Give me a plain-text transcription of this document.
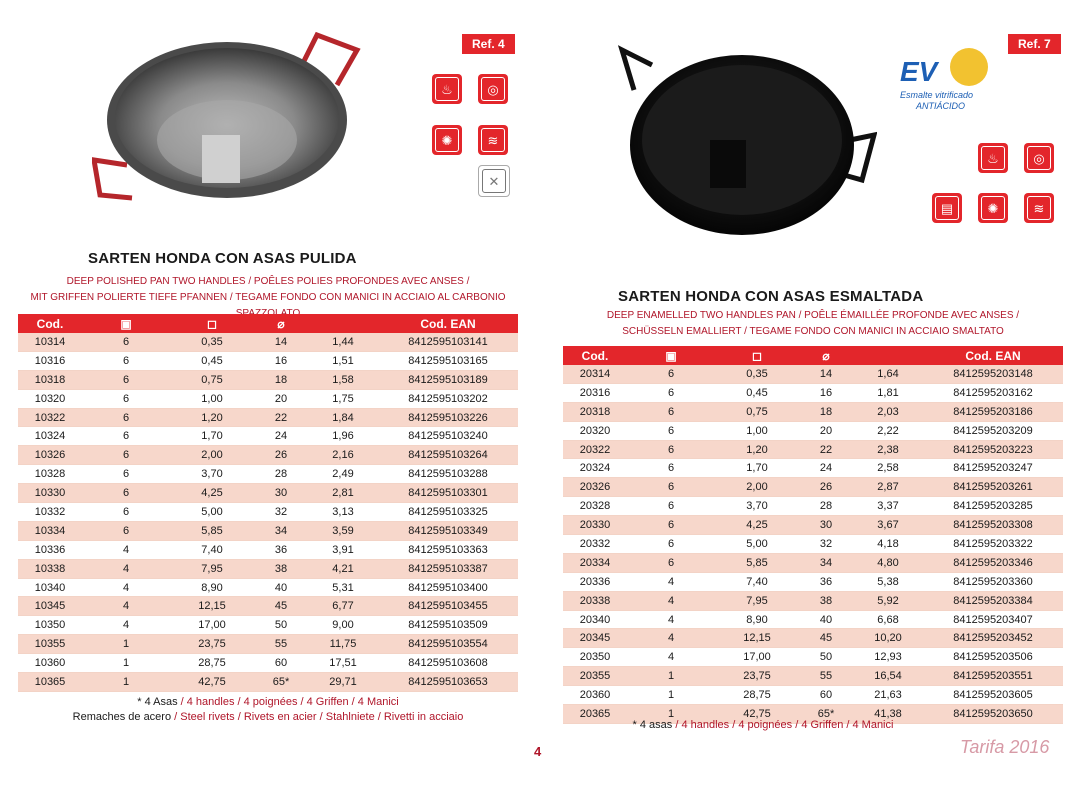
Ref. 4
♨	◎
✺	≋
✕
SARTEN HONDA CON ASAS PULIDA
DEEP POLISHED PAN TWO HANDLES / POÊLES POLIES PROFONDES AVEC ANSES /
MIT GRIFFEN POLIERTE TIEFE PFANNEN / TEGAME FONDO CON MANICI IN ACCIAIO AL CARBONIO
Cod.	▣	◻	⌀		Cod. EAN
10314	6	0,35	14	1,44	8412595103141
10316	6	0,45	16	1,51	8412595103165
10318	6	0,75	18	1,58	8412595103189
10320	6	1,00	20	1,75	8412595103202
10322	6	1,20	22	1,84	8412595103226
10324	6	1,70	24	1,96	8412595103240
10326	6	2,00	26	2,16	8412595103264
10328	6	3,70	28	2,49	8412595103288
10330	6	4,25	30	2,81	8412595103301
10332	6	5,00	32	3,13	8412595103325
10334	6	5,85	34	3,59	8412595103349
10336	4	7,40	36	3,91	8412595103363
10338	4	7,95	38	4,21	8412595103387
10340	4	8,90	40	5,31	8412595103400
10345	4	12,15	45	6,77	8412595103455
10350	4	17,00	50	9,00	8412595103509
10355	1	23,75	55	11,75	8412595103554
10360	1	28,75	60	17,51	8412595103608
10365	1	42,75	65*	29,71	8412595103653
* 4 Asas / 4 handles / 4 poignées / 4 Griffen / 4 Manici
Remaches de acero / Steel rivets / Rivets en acier / Stahlniete / Rivetti in acciaio
Ref. 7
EV
Esmalte vitrificado
ANTIÁCIDO
♨	◎
▤	✺	≋
SARTEN HONDA CON ASAS ESMALTADA
DEEP ENAMELLED TWO HANDLES PAN / POÊLE ÉMAILLÉE PROFONDE AVEC ANSES /
SCHÜSSELN EMALLIERT / TEGAME FONDO CON MANICI IN ACCIAIO SMALTATO
Cod.	▣	◻	⌀		Cod. EAN
20314	6	0,35	14	1,64	8412595203148
20316	6	0,45	16	1,81	8412595203162
20318	6	0,75	18	2,03	8412595203186
20320	6	1,00	20	2,22	8412595203209
20322	6	1,20	22	2,38	8412595203223
20324	6	1,70	24	2,58	8412595203247
20326	6	2,00	26	2,87	8412595203261
20328	6	3,70	28	3,37	8412595203285
20330	6	4,25	30	3,67	8412595203308
20332	6	5,00	32	4,18	8412595203322
20334	6	5,85	34	4,80	8412595203346
20336	4	7,40	36	5,38	8412595203360
20338	4	7,95	38	5,92	8412595203384
20340	4	8,90	40	6,68	8412595203407
20345	4	12,15	45	10,20	8412595203452
20350	4	17,00	50	12,93	8412595203506
20355	1	23,75	55	16,54	8412595203551
20360	1	28,75	60	21,63	8412595203605
20365	1	42,75	65*	41,38	8412595203650
* 4 asas / 4 handles / 4 poignées / 4 Griffen / 4 Manici
4	Tarifa 2016
